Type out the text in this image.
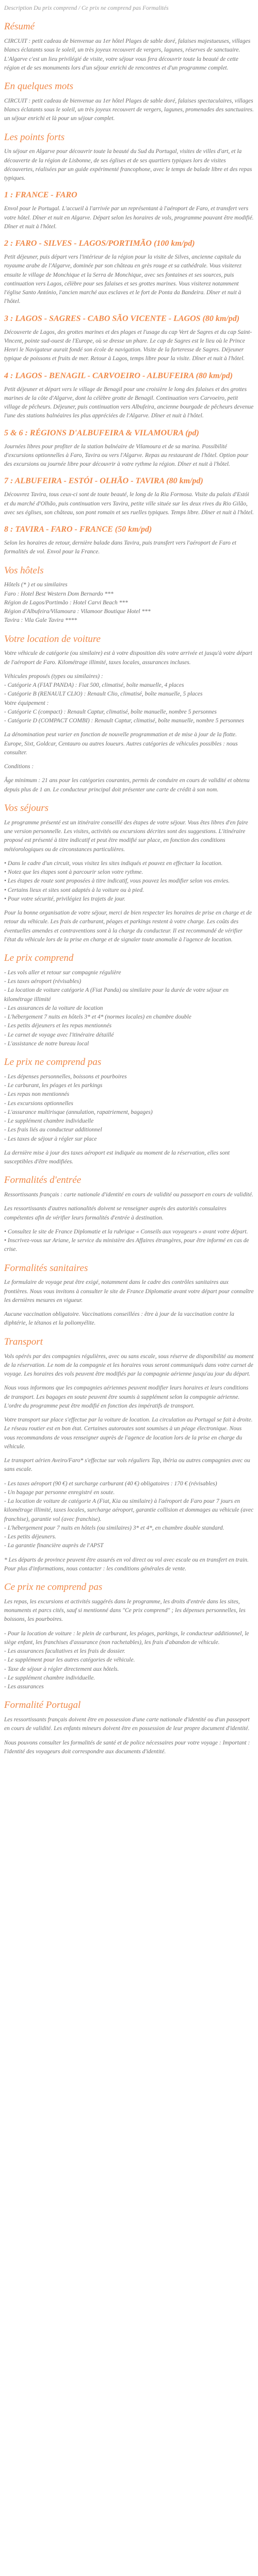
Description Du prix comprend / Ce prix ne comprend pas Formalités
Résumé

CIRCUIT : petit cadeau de bienvenue au 1er hôtel Plages de sable doré, falaises majestueuses, villages blancs éclatants sous le soleil, un très joyeux recouvert de vergers, lagunes, réserves de sanctuaire. L'Algarve c'est un lieu privilégié de visite, votre séjour vous fera découvrir toute la beauté de cette région et de ses monuments lors d'un séjour enrichi de rencontres et d'un programme complet.

En quelques mots

CIRCUIT : petit cadeau de bienvenue au 1er hôtel Plages de sable doré, falaises spectaculaires, villages blancs éclatants sous le soleil, un très joyeux recouvert de vergers, lagunes, promenades des sanctuaires. un séjour enrichi et là pour un séjour complet.

Les points forts

Un séjour en Algarve pour découvrir toute la beauté du Sud du Portugal, visites de villes d'art, et la découverte de la région de Lisbonne, de ses églises et de ses quartiers typiques lors de visites découvertes, réalisées par un guide expérimenté francophone, avec le temps de balade libre et des repas typiques.

1 : FRANCE - FARO

Envol pour le Portugal. L'accueil à l'arrivée par un représentant à l'aéroport de Faro, et transfert vers votre hôtel. Dîner et nuit en Algarve. Départ selon les horaires de vols, programme pouvant être modifié. Dîner et nuit à l'hôtel.

2 : FARO - SILVES - LAGOS/PORTIMÃO (100 km/pd)

Petit déjeuner, puis départ vers l'intérieur de la région pour la visite de Silves, ancienne capitale du royaume arabe de l'Algarve, dominée par son château en grès rouge et sa cathédrale. Vous visiterez ensuite le village de Monchique et la Serra de Monchique, avec ses fontaines et ses sources, puis continuation vers Lagos, célèbre pour ses falaises et ses grottes marines. Vous visiterez notamment l'église Santo António, l'ancien marché aux esclaves et le fort de Ponta da Bandeira. Dîner et nuit à l'hôtel.

3 : LAGOS - SAGRES - CABO SÃO VICENTE - LAGOS (80 km/pd)

Découverte de Lagos, des grottes marines et des plages et l'usage du cap Vert de Sagres et du cap Saint-Vincent, pointe sud-ouest de l'Europe, où se dresse un phare. Le cap de Sagres est le lieu où le Prince Henri le Navigateur aurait fondé son école de navigation. Visite de la forteresse de Sagres. Déjeuner typique de poissons et fruits de mer. Retour à Lagos, temps libre pour la visite. Dîner et nuit à l'hôtel.

4 : LAGOS - BENAGIL - CARVOEIRO - ALBUFEIRA (80 km/pd)

Petit déjeuner et départ vers le village de Benagil pour une croisière le long des falaises et des grottes marines de la côte d'Algarve, dont la célèbre grotte de Benagil. Continuation vers Carvoeiro, petit village de pêcheurs. Déjeuner, puis continuation vers Albufeira, ancienne bourgade de pêcheurs devenue l'une des stations balnéaires les plus appréciées de l'Algarve. Dîner et nuit à l'hôtel.

5 & 6 : RÉGIONS D'ALBUFEIRA & VILAMOURA (pd)

Journées libres pour profiter de la station balnéaire de Vilamoura et de sa marina. Possibilité d'excursions optionnelles à Faro, Tavira ou vers l'Algarve. Repas au restaurant de l'hôtel. Option pour des excursions ou journée libre pour découvrir à votre rythme la région. Dîner et nuit à l'hôtel.

7 : ALBUFEIRA - ESTÓI - OLHÃO - TAVIRA (80 km/pd)

Découvrez Tavira, tous ceux-ci sont de toute beauté, le long de la Ria Formosa. Visite du palais d'Estói et du marché d'Olhão, puis continuation vers Tavira, petite ville située sur les deux rives du Rio Gilão, avec ses églises, son château, son pont romain et ses ruelles typiques. Temps libre. Dîner et nuit à l'hôtel.

8 : TAVIRA - FARO - FRANCE (50 km/pd)

Selon les horaires de retour, dernière balade dans Tavira, puis transfert vers l'aéroport de Faro et formalités de vol. Envol pour la France.

Vos hôtels
Hôtels (* ) et ou similaires
Faro : Hotel Best Western Dom Bernardo ***
Région de Lagos/Portimão : Hotel Carvi Beach ***
Région d'Albufeira/Vilamoura : Vilamoor Boutique Hotel ***
Tavira : Vila Gale Tavira ****
Votre location de voiture

Votre véhicule de catégorie (ou similaire) est à votre disposition dès votre arrivée et jusqu'à votre départ de l'aéroport de Faro. Kilométrage illimité, taxes locales, assurances incluses.

Véhicules proposés (types ou similaires) :
- Catégorie A (FIAT PANDA) : Fiat 500, climatisé, boîte manuelle, 4 places
- Catégorie B (RENAULT CLIO) : Renault Clio, climatisé, boîte manuelle, 5 places
Votre équipement :
- Catégorie C (compact) : Renault Captur, climatisé, boîte manuelle, nombre 5 personnes
- Catégorie D (COMPACT COMBI) : Renault Captur, climatisé, boîte manuelle, nombre 5 personnes

La dénomination peut varier en fonction de nouvelle programmation et de mise à jour de la flotte. Europe, Sixt, Goldcar, Centauro ou autres loueurs. Autres catégories de véhicules possibles : nous consulter.

Conditions :

Âge minimum : 21 ans pour les catégories courantes, permis de conduire en cours de validité et obtenu depuis plus de 1 an. Le conducteur principal doit présenter une carte de crédit à son nom.

Vos séjours

Le programme présenté est un itinéraire conseillé des étapes de votre séjour. Vous êtes libres d'en faire une version personnelle. Les visites, activités ou excursions décrites sont des suggestions. L'itinéraire proposé est présenté à titre indicatif et peut être modifié sur place, en fonction des conditions météorologiques ou de circonstances particulières.

• Dans le cadre d'un circuit, vous visitez les sites indiqués et pouvez en effectuer la location.
• Notez que les étapes sont à parcourir selon votre rythme.
• Les étapes de route sont proposées à titre indicatif, vous pouvez les modifier selon vos envies.
• Certains lieux et sites sont adaptés à la voiture ou à pied.
• Pour votre sécurité, privilégiez les trajets de jour.

Pour la bonne organisation de votre séjour, merci de bien respecter les horaires de prise en charge et de retour du véhicule. Les frais de carburant, péages et parkings restent à votre charge. Les coûts des éventuelles amendes et contraventions sont à la charge du conducteur. Il est recommandé de vérifier l'état du véhicule lors de la prise en charge et de signaler toute anomalie à l'agence de location.

Le prix comprend
- Les vols aller et retour sur compagnie régulière
- Les taxes aéroport (révisables)
- La location de voiture catégorie A (Fiat Panda) ou similaire pour la durée de votre séjour en kilométrage illimité
- Les assurances de la voiture de location
- L'hébergement 7 nuits en hôtels 3* et 4* (normes locales) en chambre double
- Les petits déjeuners et les repas mentionnés
- Le carnet de voyage avec l'itinéraire détaillé
- L'assistance de notre bureau local
Le prix ne comprend pas
- Les dépenses personnelles, boissons et pourboires
- Le carburant, les péages et les parkings
- Les repas non mentionnés
- Les excursions optionnelles
- L'assurance multirisque (annulation, rapatriement, bagages)
- Le supplément chambre individuelle
- Les frais liés au conducteur additionnel
- Les taxes de séjour à régler sur place

La dernière mise à jour des taxes aéroport est indiquée au moment de la réservation, elles sont susceptibles d'être modifiées.

Formalités d'entrée

Ressortissants français : carte nationale d'identité en cours de validité ou passeport en cours de validité.

Les ressortissants d'autres nationalités doivent se renseigner auprès des autorités consulaires compétentes afin de vérifier leurs formalités d'entrée à destination.

• Consultez le site de France Diplomatie et la rubrique « Conseils aux voyageurs » avant votre départ.
• Inscrivez-vous sur Ariane, le service du ministère des Affaires étrangères, pour être informé en cas de crise.
Formalités sanitaires

Le formulaire de voyage peut être exigé, notamment dans le cadre des contrôles sanitaires aux frontières. Nous vous invitons à consulter le site de France Diplomatie avant votre départ pour connaître les dernières mesures en vigueur.

Aucune vaccination obligatoire. Vaccinations conseillées : être à jour de la vaccination contre la diphtérie, le tétanos et la poliomyélite.

Transport

Vols opérés par des compagnies régulières, avec ou sans escale, sous réserve de disponibilité au moment de la réservation. Le nom de la compagnie et les horaires vous seront communiqués dans votre carnet de voyage. Les horaires des vols peuvent être modifiés par la compagnie aérienne jusqu'au jour du départ.

Nous vous informons que les compagnies aériennes peuvent modifier leurs horaires et leurs conditions de transport. Les bagages en soute peuvent être soumis à supplément selon la compagnie aérienne. L'ordre du programme peut être modifié en fonction des impératifs de transport.

Votre transport sur place s'effectue par la voiture de location. La circulation au Portugal se fait à droite. Le réseau routier est en bon état. Certaines autoroutes sont soumises à un péage électronique. Nous vous recommandons de vous renseigner auprès de l'agence de location lors de la prise en charge du véhicule.

Le transport aérien Aveiro/Faro* s'effectue sur vols réguliers Tap, ibéria ou autres compagnies avec ou sans escale.

- Les taxes aéroport (90 €) et surcharge carburant (40 €) obligatoires : 170 € (révisables)
- Un bagage par personne enregistré en soute.
- La location de voiture de catégorie A (Fiat, Kia ou similaire) à l'aéroport de Faro pour 7 jours en kilométrage illimité, taxes locales, surcharge aéroport, garantie collision et dommages au véhicule (avec franchise), garantie vol (avec franchise).
- L'hébergement pour 7 nuits en hôtels (ou similaires) 3* et 4*, en chambre double standard.
- Les petits déjeuners.
- La garantie financière auprès de l'APST

* Les départs de province peuvent être assurés en vol direct ou vol avec escale ou en transfert en train. Pour plus d'informations, nous contacter : les conditions générales de vente.

Ce prix ne comprend pas

Les repas, les excursions et activités suggérés dans le programme, les droits d'entrée dans les sites, monuments et parcs cités, sauf si mentionné dans "Ce prix comprend" ; les dépenses personnelles, les boissons, les pourboires.

- Pour la location de voiture : le plein de carburant, les péages, parkings, le conducteur additionnel, le siège enfant, les franchises d'assurance (non rachetables), les frais d'abandon de véhicule.
- Les assurances facultatives et les frais de dossier.
- Le supplément pour les autres catégories de véhicule.
- Taxe de séjour à régler directement aux hôtels.
- Le supplément chambre individuelle.
- Les assurances
Formalité Portugal

Les ressortissants français doivent être en possession d'une carte nationale d'identité ou d'un passeport en cours de validité. Les enfants mineurs doivent être en possession de leur propre document d'identité.

Nous pouvons consulter les formalités de santé et de police nécessaires pour votre voyage : Important : l'identité des voyageurs doit correspondre aux documents d'identité.
